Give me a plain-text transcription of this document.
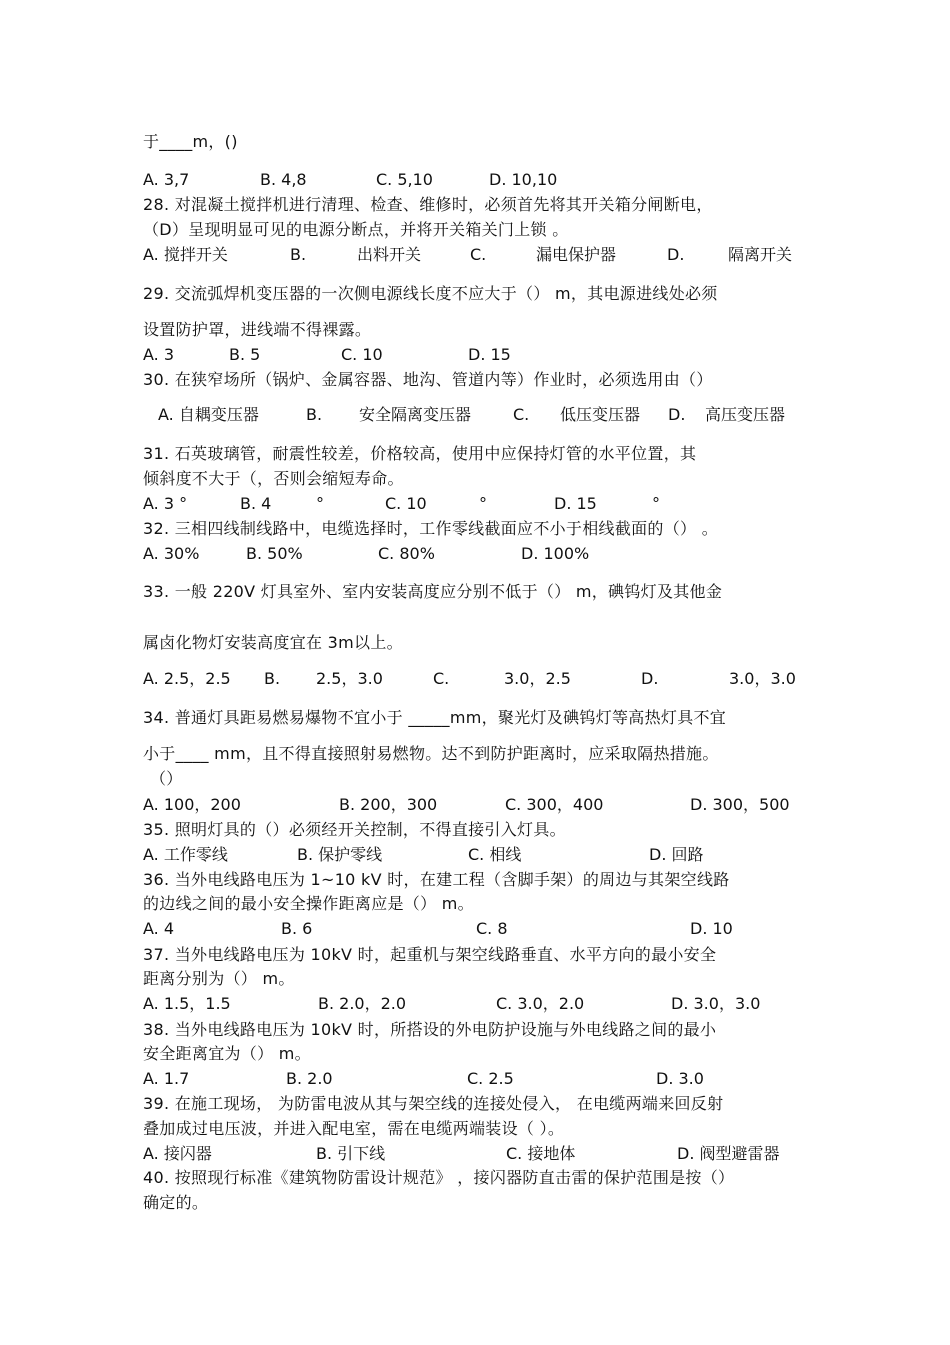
于____m，()
A. 3,7	B. 4,8	C. 5,10	D. 10,10
28. 对混凝土搅拌机进行清理、检查、维修时，必须首先将其开关箱分闸断电，
（D）呈现明显可见的电源分断点，并将开关箱关门上锁 。
A. 搅拌开关	B.	出料开关	C.	漏电保护器	D.	隔离开关
29. 交流弧焊机变压器的一次侧电源线长度不应大于（） m，其电源进线处必须
设置防护罩，进线端不得裸露。
A. 3	B. 5	C. 10	D. 15
30. 在狭窄场所（锅炉、金属容器、地沟、管道内等）作业时，必须选用由（）
A. 自耦变压器	B. 安全隔离变压器	C. 低压变压器 D. 高压变压器
31. 石英玻璃管，耐震性较差，价格较高，使用中应保持灯管的水平位置，其
倾斜度不大于（，否则会缩短寿命。
A. 3 °	B. 4	°	C. 10	°	D. 15	°
32. 三相四线制线路中，电缆选择时，工作零线截面应不小于相线截面的（） 。
A. 30%	B. 50%	C. 80%	D. 100%
33. 一般 220V 灯具室外、室内安装高度应分别不低于（） m，碘钨灯及其他金
属卤化物灯安装高度宜在 3m以上。
A. 2.5，2.5 B. 2.5，3.0	C.	3.0，2.5	D.	3.0，3.0
34. 普通灯具距易燃易爆物不宜小于 _____mm，聚光灯及碘钨灯等高热灯具不宜
小于____ mm，且不得直接照射易燃物。达不到防护距离时，应采取隔热措施。
（）
A. 100，200	B. 200，300	C. 300，400	D. 300，500
35. 照明灯具的（）必须经开关控制，不得直接引入灯具。
A. 工作零线	B. 保护零线	C. 相线	D. 回路
36. 当外电线路电压为 1~10 kV 时，在建工程（含脚手架）的周边与其架空线路
的边线之间的最小安全操作距离应是（） m。
A. 4	B. 6	C. 8	D. 10
37. 当外电线路电压为 10kV 时，起重机与架空线路垂直、水平方向的最小安全
距离分别为（） m。
A. 1.5，1.5	B. 2.0，2.0	C. 3.0，2.0	D. 3.0，3.0
38. 当外电线路电压为 10kV 时，所搭设的外电防护设施与外电线路之间的最小
安全距离宜为（） m。
A. 1.7	B. 2.0	C. 2.5	D. 3.0
39. 在施工现场， 为防雷电波从其与架空线的连接处侵入， 在电缆两端来回反射
叠加成过电压波，并进入配电室，需在电缆两端装设（ ）。
A. 接闪器	B. 引下线	C. 接地体	D. 阀型避雷器
40. 按照现行标准《建筑物防雷设计规范》 ，接闪器防直击雷的保护范围是按（）
确定的。
